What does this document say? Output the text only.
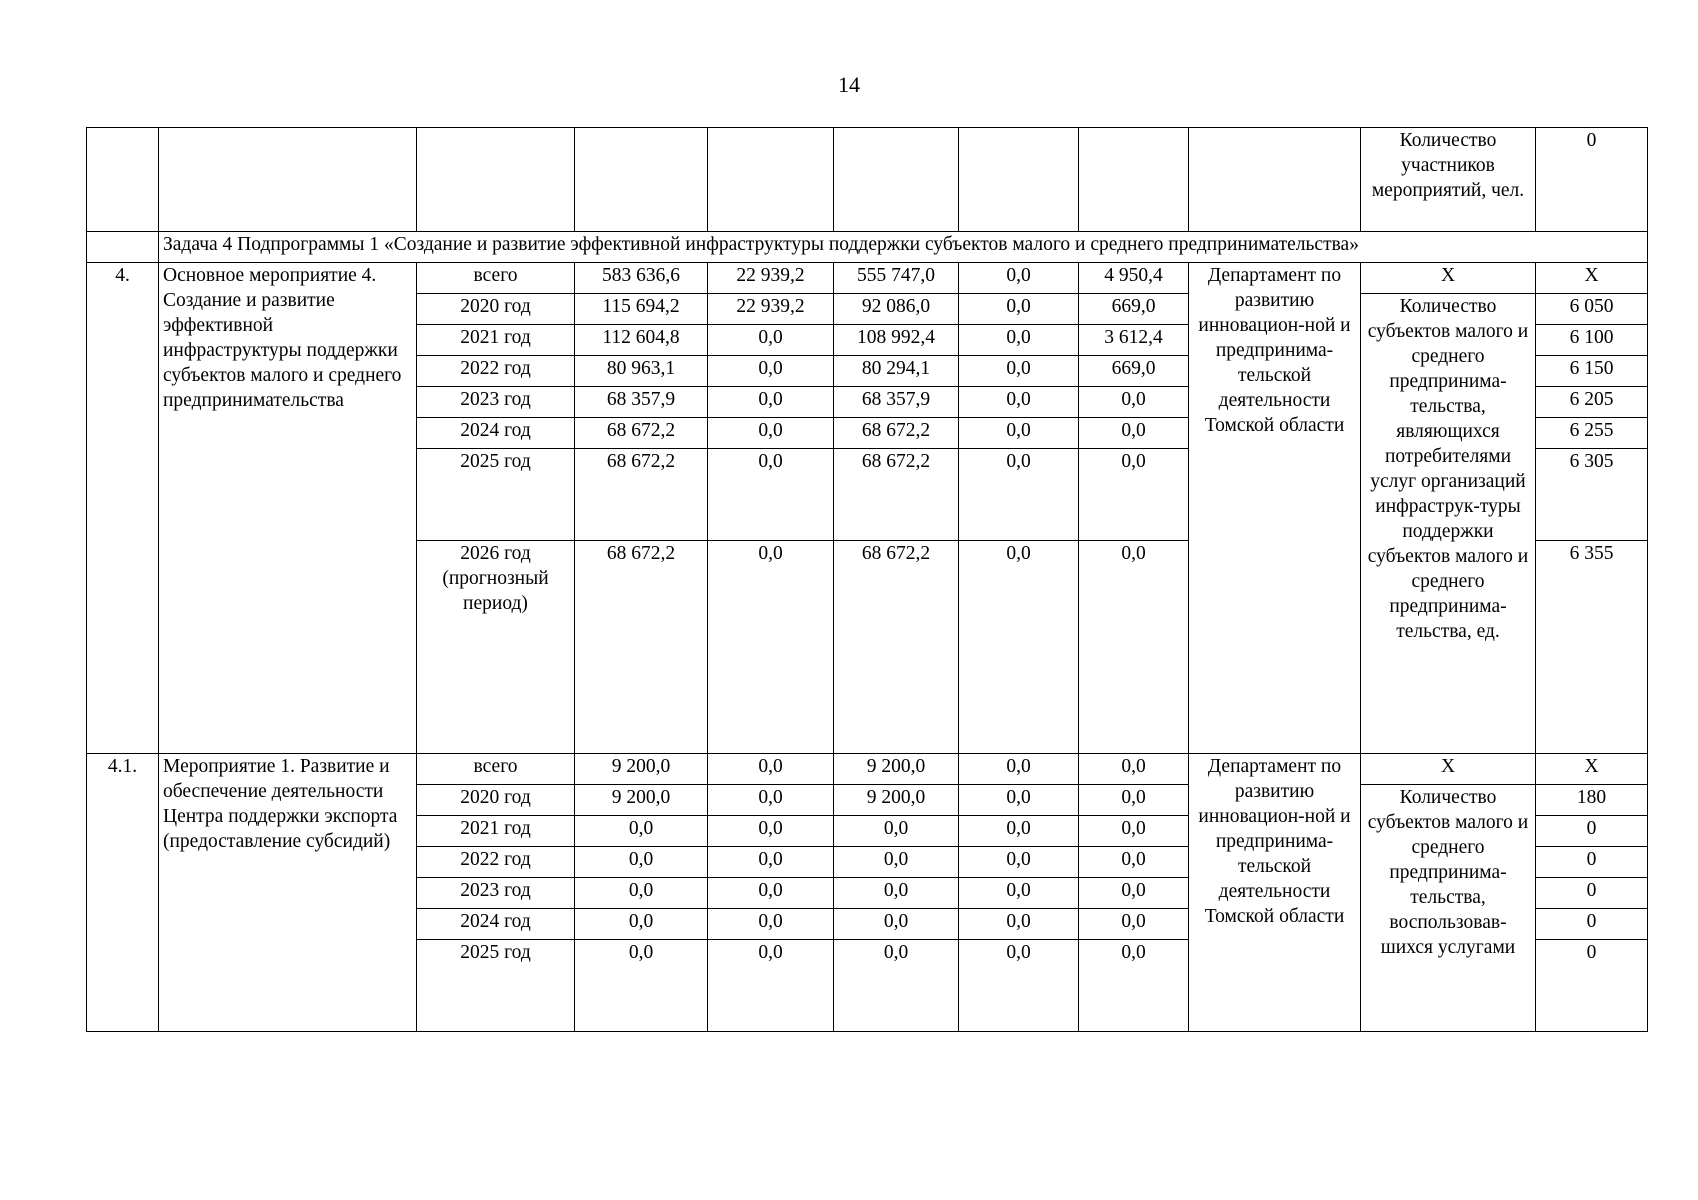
14
									Количество участников мероприятий, чел.	0
	Задача 4 Подпрограммы 1 «Создание и развитие эффективной инфраструктуры поддержки субъектов малого и среднего предпринимательства»									
4.	Основное мероприятие 4. Создание и развитие эффективной инфраструктуры поддержки субъектов малого и среднего предпринимательства	всего	583 636,6	22 939,2	555 747,0	0,0	4 950,4	Департамент по развитию инновацион-ной и предпринима-тельской деятельности Томской области	Х	Х
		2020 год	115 694,2	22 939,2	92 086,0	0,0	669,0		Количество субъектов малого и среднего предпринима-тельства, являющихся потребителями услуг организаций инфраструк-туры поддержки субъектов малого и среднего предпринима-тельства, ед.	6 050
		2021 год	112 604,8	0,0	108 992,4	0,0	3 612,4			6 100
		2022 год	80 963,1	0,0	80 294,1	0,0	669,0			6 150
		2023 год	68 357,9	0,0	68 357,9	0,0	0,0			6 205
		2024 год	68 672,2	0,0	68 672,2	0,0	0,0			6 255
		2025 год	68 672,2	0,0	68 672,2	0,0	0,0			6 305
		2026 год (прогнозный период)	68 672,2	0,0	68 672,2	0,0	0,0			6 355
4.1.	Мероприятие 1. Развитие и обеспечение деятельности Центра поддержки экспорта (предоставление субсидий)	всего	9 200,0	0,0	9 200,0	0,0	0,0	Департамент по развитию инновацион-ной и предпринима-тельской деятельности Томской области	Х	Х
		2020 год	9 200,0	0,0	9 200,0	0,0	0,0		Количество субъектов малого и среднего предпринима-тельства, воспользовав-шихся услугами	180
		2021 год	0,0	0,0	0,0	0,0	0,0			0
		2022 год	0,0	0,0	0,0	0,0	0,0			0
		2023 год	0,0	0,0	0,0	0,0	0,0			0
		2024 год	0,0	0,0	0,0	0,0	0,0			0
		2025 год	0,0	0,0	0,0	0,0	0,0			0
